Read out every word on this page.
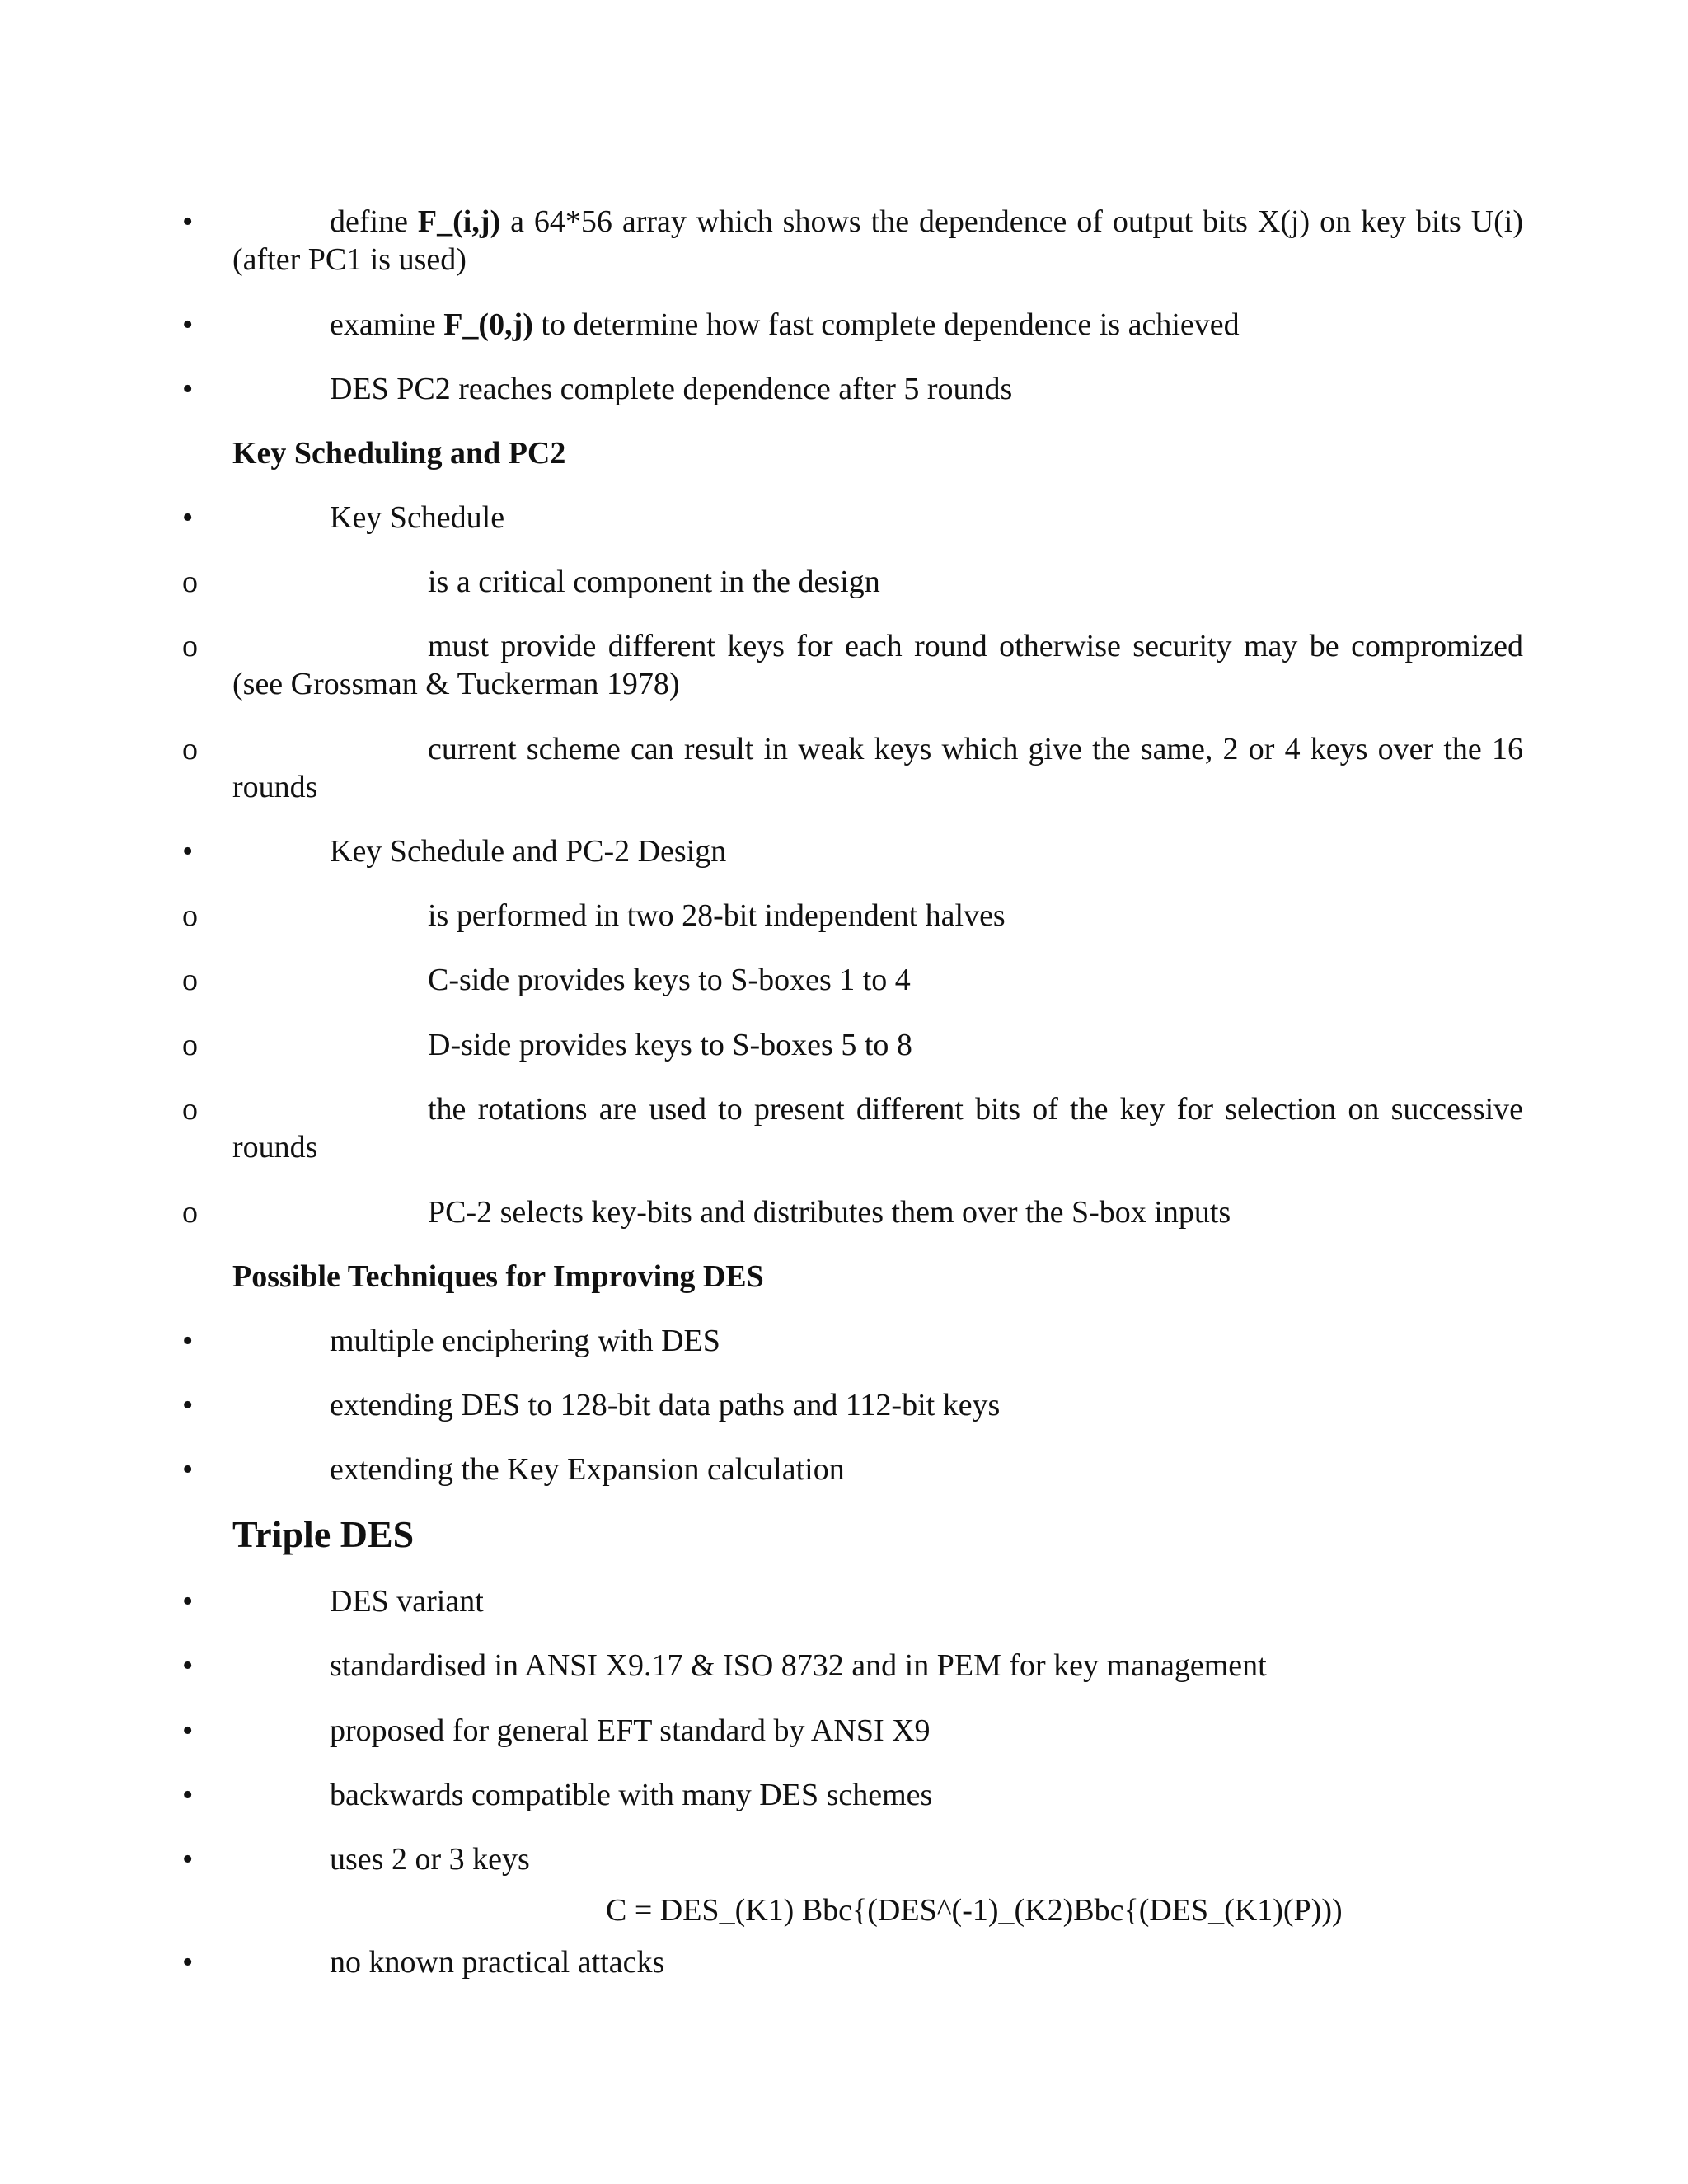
•	define F_(i,j) a 64*56 array which shows the dependence of output bits X(j) on key bits U(i) (after PC1 is used)
•	examine F_(0,j) to determine how fast complete dependence is achieved
•	DES PC2 reaches complete dependence after 5 rounds
Key Scheduling and PC2
•	Key Schedule
o	is a critical component in the design
o	must provide different keys for each round otherwise security may be compromized (see Grossman & Tuckerman 1978)
o	current scheme can result in weak keys which give the same, 2 or 4 keys over the 16 rounds
•	Key Schedule and PC-2 Design
o	is performed in two 28-bit independent halves
o	C-side provides keys to S-boxes 1 to 4
o	D-side provides keys to S-boxes 5 to 8
o	the rotations are used to present different bits of the key for selection on successive rounds
o	PC-2 selects key-bits and distributes them over the S-box inputs
Possible Techniques for Improving DES
•	multiple enciphering with DES
•	extending DES to 128-bit data paths and 112-bit keys
•	extending the Key Expansion calculation
Triple DES
•	DES variant
•	standardised in ANSI X9.17 & ISO 8732 and in PEM for key management
•	proposed for general EFT standard by ANSI X9
•	backwards compatible with many DES schemes
•	uses 2 or 3 keys
C = DES_(K1) Bbc{(DES^(-1)_(K2)Bbc{(DES_(K1)(P)))
•	no known practical attacks
